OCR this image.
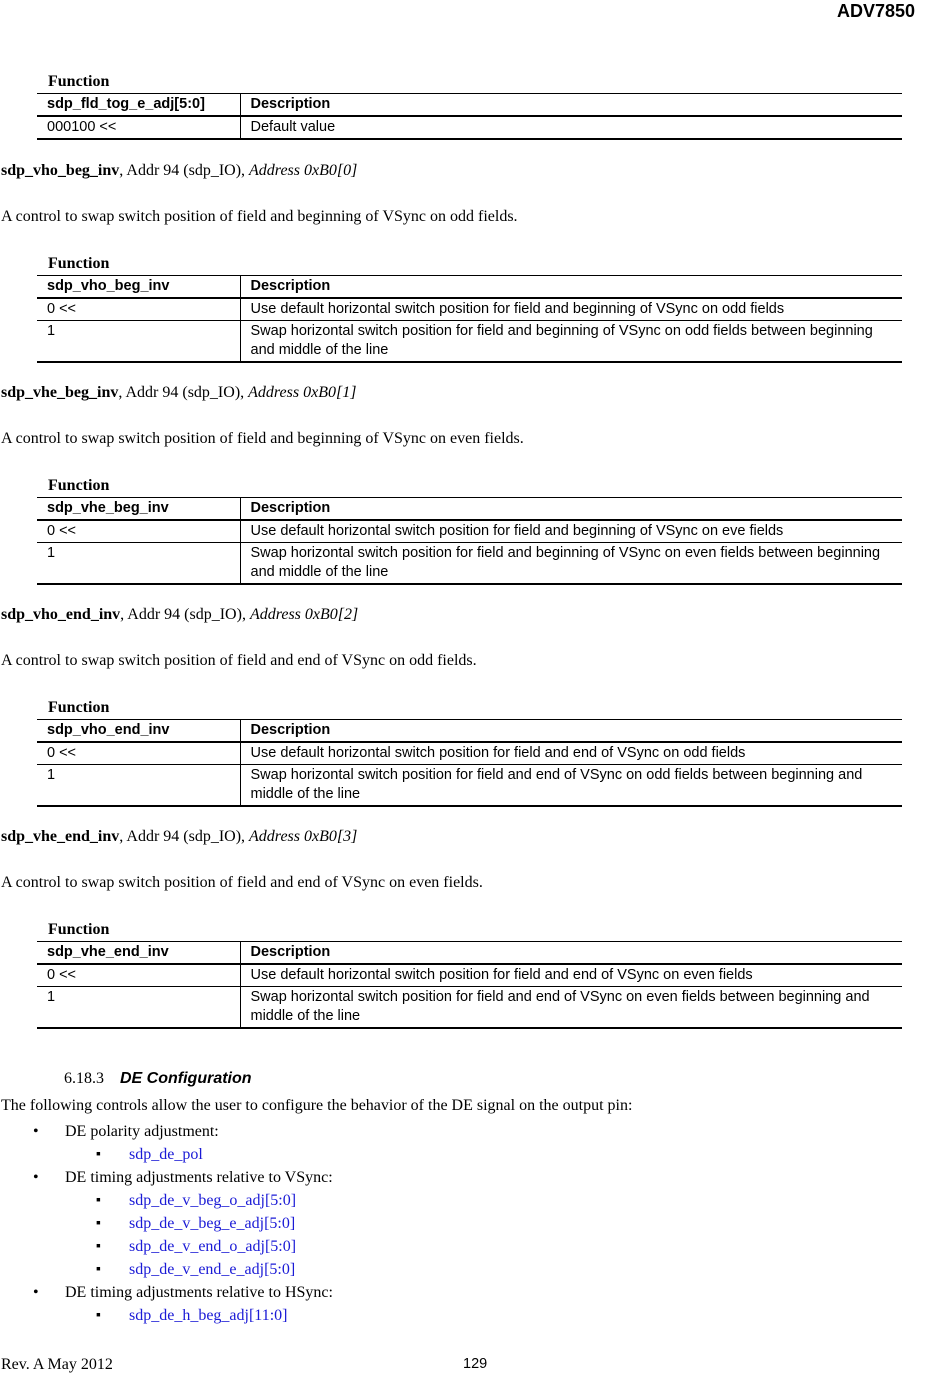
ADV7850
Function
sdp_fld_tog_e_adj[5:0]	Description
000100 <<	Default value
sdp_vho_beg_inv, Addr 94 (sdp_IO), Address 0xB0[0]
A control to swap switch position of field and beginning of VSync on odd fields.
Function
sdp_vho_beg_inv	Description
0 <<	Use default horizontal switch position for field and beginning of VSync on odd fields
1	Swap horizontal switch position for field and beginning of VSync on odd fields between beginning and middle of the line
sdp_vhe_beg_inv, Addr 94 (sdp_IO), Address 0xB0[1]
A control to swap switch position of field and beginning of VSync on even fields.
Function
sdp_vhe_beg_inv	Description
0 <<	Use default horizontal switch position for field and beginning of VSync on eve fields
1	Swap horizontal switch position for field and beginning of VSync on even fields between beginning and middle of the line
sdp_vho_end_inv, Addr 94 (sdp_IO), Address 0xB0[2]
A control to swap switch position of field and end of VSync on odd fields.
Function
sdp_vho_end_inv	Description
0 <<	Use default horizontal switch position for field and end of VSync on odd fields
1	Swap horizontal switch position for field and end of VSync on odd fields between beginning and middle of the line
sdp_vhe_end_inv, Addr 94 (sdp_IO), Address 0xB0[3]
A control to swap switch position of field and end of VSync on even fields.
Function
sdp_vhe_end_inv	Description
0 <<	Use default horizontal switch position for field and end of VSync on even fields
1	Swap horizontal switch position for field and end of VSync on even fields between beginning and middle of the line
6.18.3 DE Configuration
The following controls allow the user to configure the behavior of the DE signal on the output pin:
• DE polarity adjustment:
▪ sdp_de_pol
• DE timing adjustments relative to VSync:
▪ sdp_de_v_beg_o_adj[5:0]
▪ sdp_de_v_beg_e_adj[5:0]
▪ sdp_de_v_end_o_adj[5:0]
▪ sdp_de_v_end_e_adj[5:0]
• DE timing adjustments relative to HSync:
▪ sdp_de_h_beg_adj[11:0]
Rev. A May 2012	129
